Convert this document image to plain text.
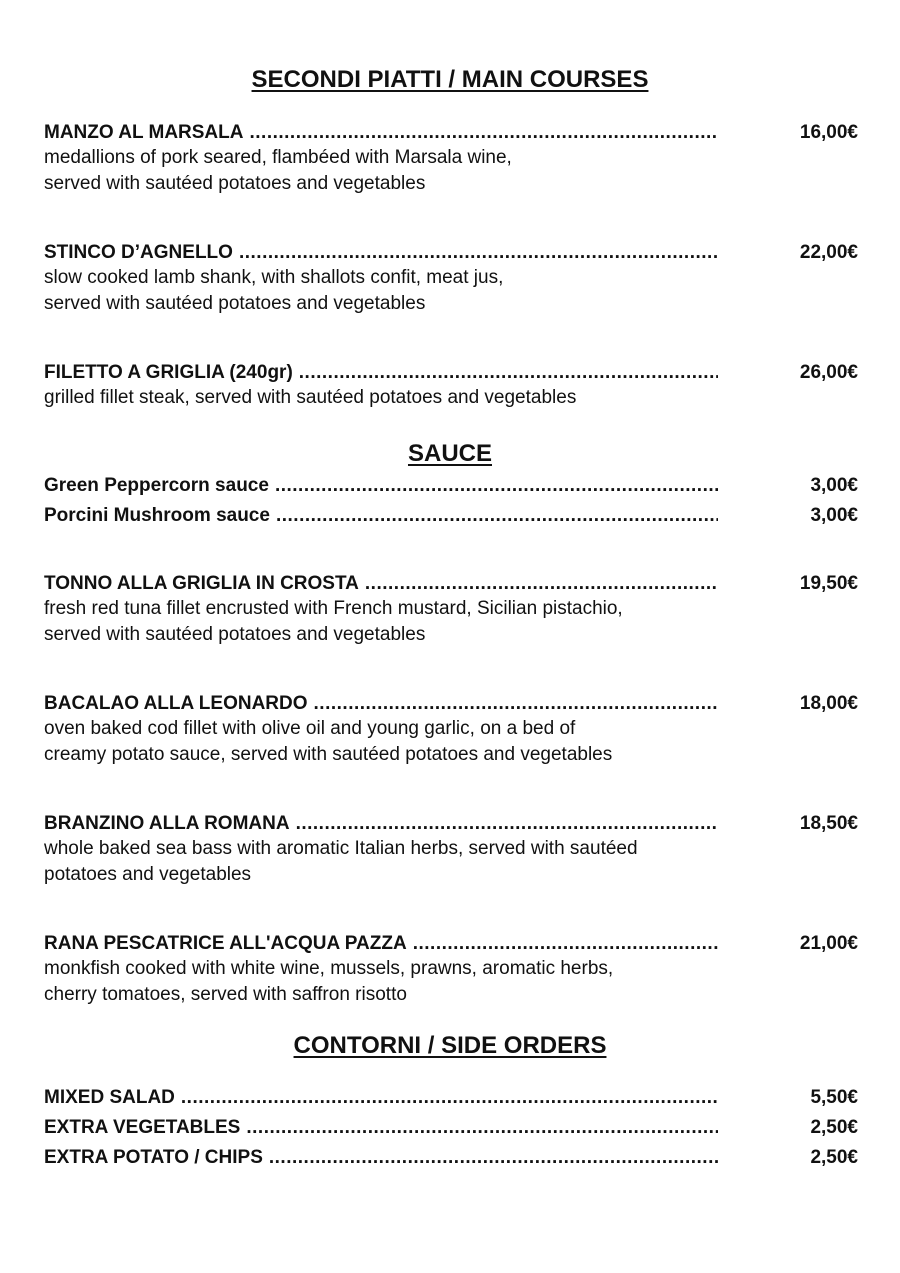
SECONDI PIATTI / MAIN COURSES
MANZO AL MARSALA .....	16,00€
medallions of pork seared, flambéed with Marsala wine,
served with sautéed potatoes and vegetables
STINCO D’AGNELLO .....	22,00€
slow cooked lamb shank, with shallots confit, meat jus,
served with sautéed potatoes and vegetables
FILETTO A GRIGLIA (240gr) .....	26,00€
grilled fillet steak, served with sautéed potatoes and vegetables
SAUCE
Green Peppercorn sauce .....	3,00€
Porcini Mushroom sauce .....	3,00€
TONNO ALLA GRIGLIA IN CROSTA .....	19,50€
fresh red tuna fillet encrusted with French mustard, Sicilian pistachio,
served with sautéed potatoes and vegetables
BACALAO ALLA LEONARDO .....	18,00€
oven baked cod fillet with olive oil and young garlic, on a bed of
creamy potato sauce, served with sautéed potatoes and vegetables
BRANZINO ALLA ROMANA .....	18,50€
whole baked sea bass with aromatic Italian herbs, served with sautéed
potatoes and vegetables
RANA PESCATRICE ALL'ACQUA PAZZA .....	21,00€
monkfish cooked with white wine, mussels, prawns, aromatic herbs,
cherry tomatoes, served with saffron risotto
CONTORNI / SIDE ORDERS
MIXED SALAD .....	5,50€
EXTRA VEGETABLES .....	2,50€
EXTRA POTATO / CHIPS .....	2,50€
